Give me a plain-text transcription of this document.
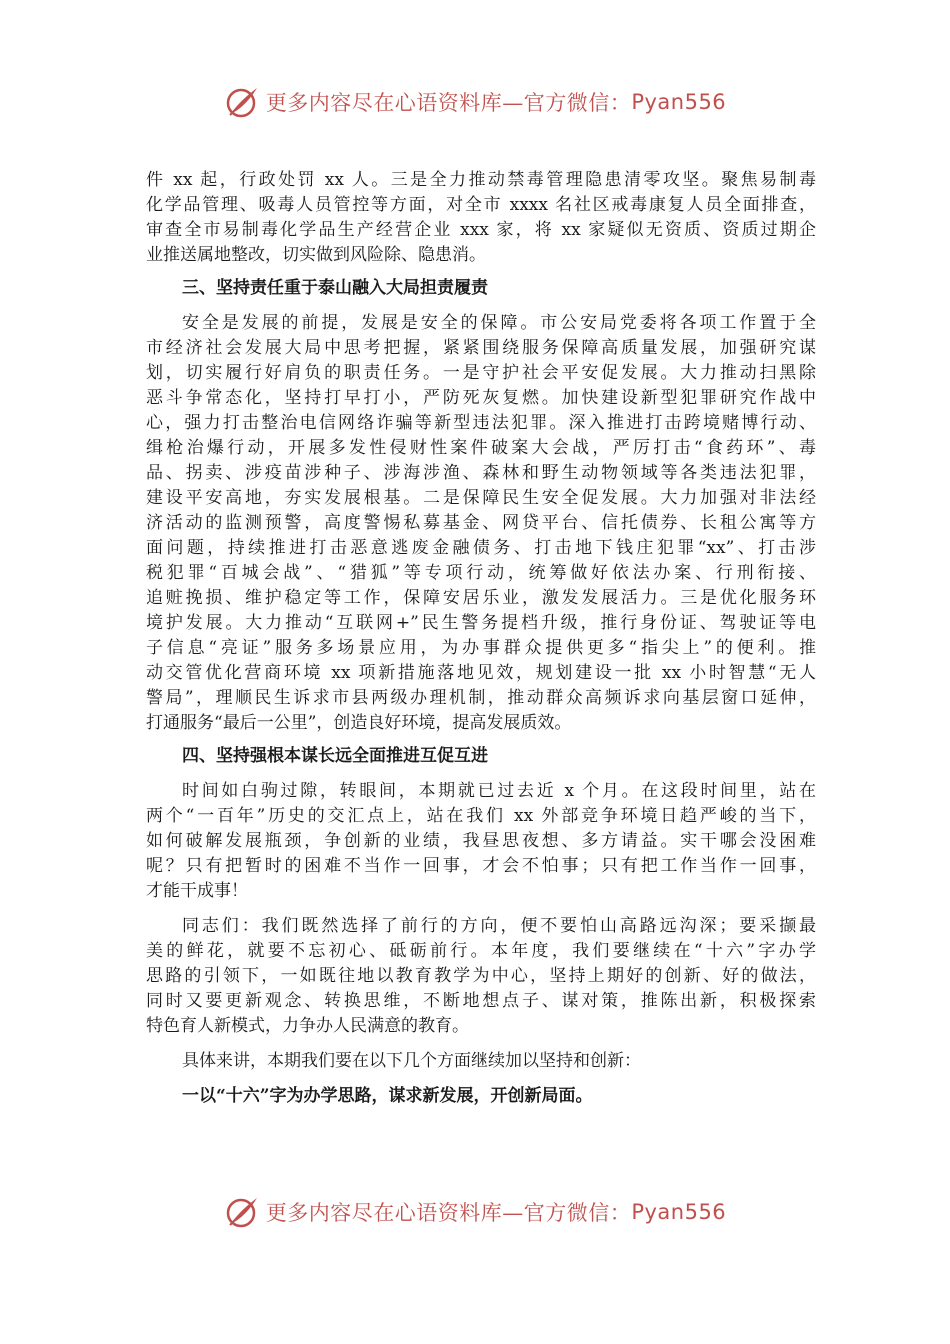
更多内容尽在心语资料库—官方微信： Pyan556

件 xx 起，行政处罚 xx 人。三是全力推动禁毒管理隐患清零攻坚。聚焦易制毒
化学品管理、吸毒人员管控等方面，对全市 xxxx 名社区戒毒康复人员全面排查，
审查全市易制毒化学品生产经营企业 xxx 家，将 xx 家疑似无资质、资质过期企
业推送属地整改，切实做到风险除、隐患消。

三、坚持责任重于泰山融入大局担责履责

安全是发展的前提，发展是安全的保障。市公安局党委将各项工作置于全
市经济社会发展大局中思考把握，紧紧围绕服务保障高质量发展，加强研究谋
划，切实履行好肩负的职责任务。一是守护社会平安促发展。大力推动扫黑除
恶斗争常态化，坚持打早打小，严防死灰复燃。加快建设新型犯罪研究作战中
心，强力打击整治电信网络诈骗等新型违法犯罪。深入推进打击跨境赌博行动、
缉枪治爆行动，开展多发性侵财性案件破案大会战，严厉打击“食药环”、毒
品、拐卖、涉疫苗涉种子、涉海涉渔、森林和野生动物领域等各类违法犯罪，
建设平安高地，夯实发展根基。二是保障民生安全促发展。大力加强对非法经
济活动的监测预警，高度警惕私募基金、网贷平台、信托债券、长租公寓等方
面问题，持续推进打击恶意逃废金融债务、打击地下钱庄犯罪“xx”、打击涉
税犯罪“百城会战”、“猎狐”等专项行动，统筹做好依法办案、行刑衔接、
追赃挽损、维护稳定等工作，保障安居乐业，激发发展活力。三是优化服务环
境护发展。大力推动“互联网+”民生警务提档升级，推行身份证、驾驶证等电
子信息“亮证”服务多场景应用，为办事群众提供更多“指尖上”的便利。推
动交管优化营商环境 xx 项新措施落地见效，规划建设一批 xx 小时智慧“无人
警局”，理顺民生诉求市县两级办理机制，推动群众高频诉求向基层窗口延伸，
打通服务“最后一公里”，创造良好环境，提高发展质效。

四、坚持强根本谋长远全面推进互促互进

时间如白驹过隙，转眼间，本期就已过去近 x 个月。在这段时间里，站在
两个“一百年”历史的交汇点上，站在我们 xx 外部竞争环境日趋严峻的当下，
如何破解发展瓶颈，争创新的业绩，我昼思夜想、多方请益。实干哪会没困难
呢？只有把暂时的困难不当作一回事，才会不怕事；只有把工作当作一回事，
才能干成事！

同志们：我们既然选择了前行的方向，便不要怕山高路远沟深；要采撷最
美的鲜花，就要不忘初心、砥砺前行。本年度，我们要继续在“十六”字办学
思路的引领下，一如既往地以教育教学为中心，坚持上期好的创新、好的做法，
同时又要更新观念、转换思维，不断地想点子、谋对策，推陈出新，积极探索
特色育人新模式，力争办人民满意的教育。

具体来讲，本期我们要在以下几个方面继续加以坚持和创新：

一以“十六”字为办学思路，谋求新发展，开创新局面。

更多内容尽在心语资料库—官方微信： Pyan556
